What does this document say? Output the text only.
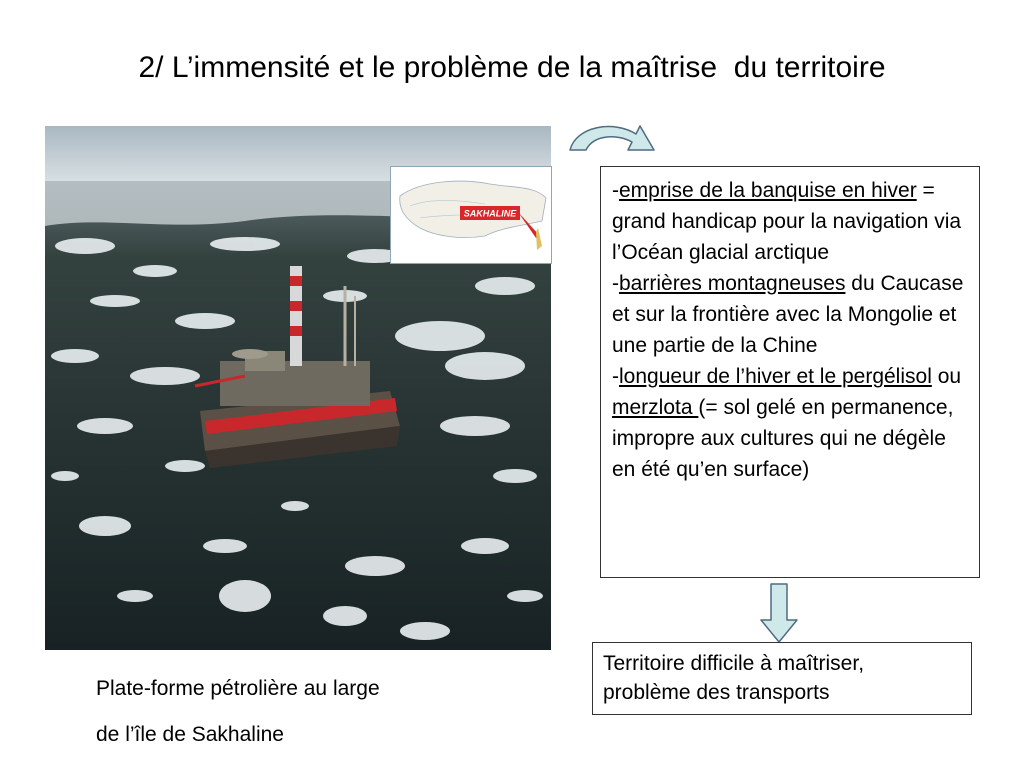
2/ L’immensité et le problème de la maîtrise  du territoire
SAKHALINE
Plate-forme pétrolière au large
de l’île de Sakhaline

-emprise de la banquise en hiver = grand handicap pour la navigation via l’Océan glacial arctique

-barrières montagneuses du Caucase et sur la frontière avec la Mongolie et une partie de la Chine

-longueur de l’hiver et le pergélisol ou merzlota (= sol gelé en permanence, impropre aux cultures qui ne dégèle en été qu’en surface)

Territoire difficile à maîtriser,
problème des transports
